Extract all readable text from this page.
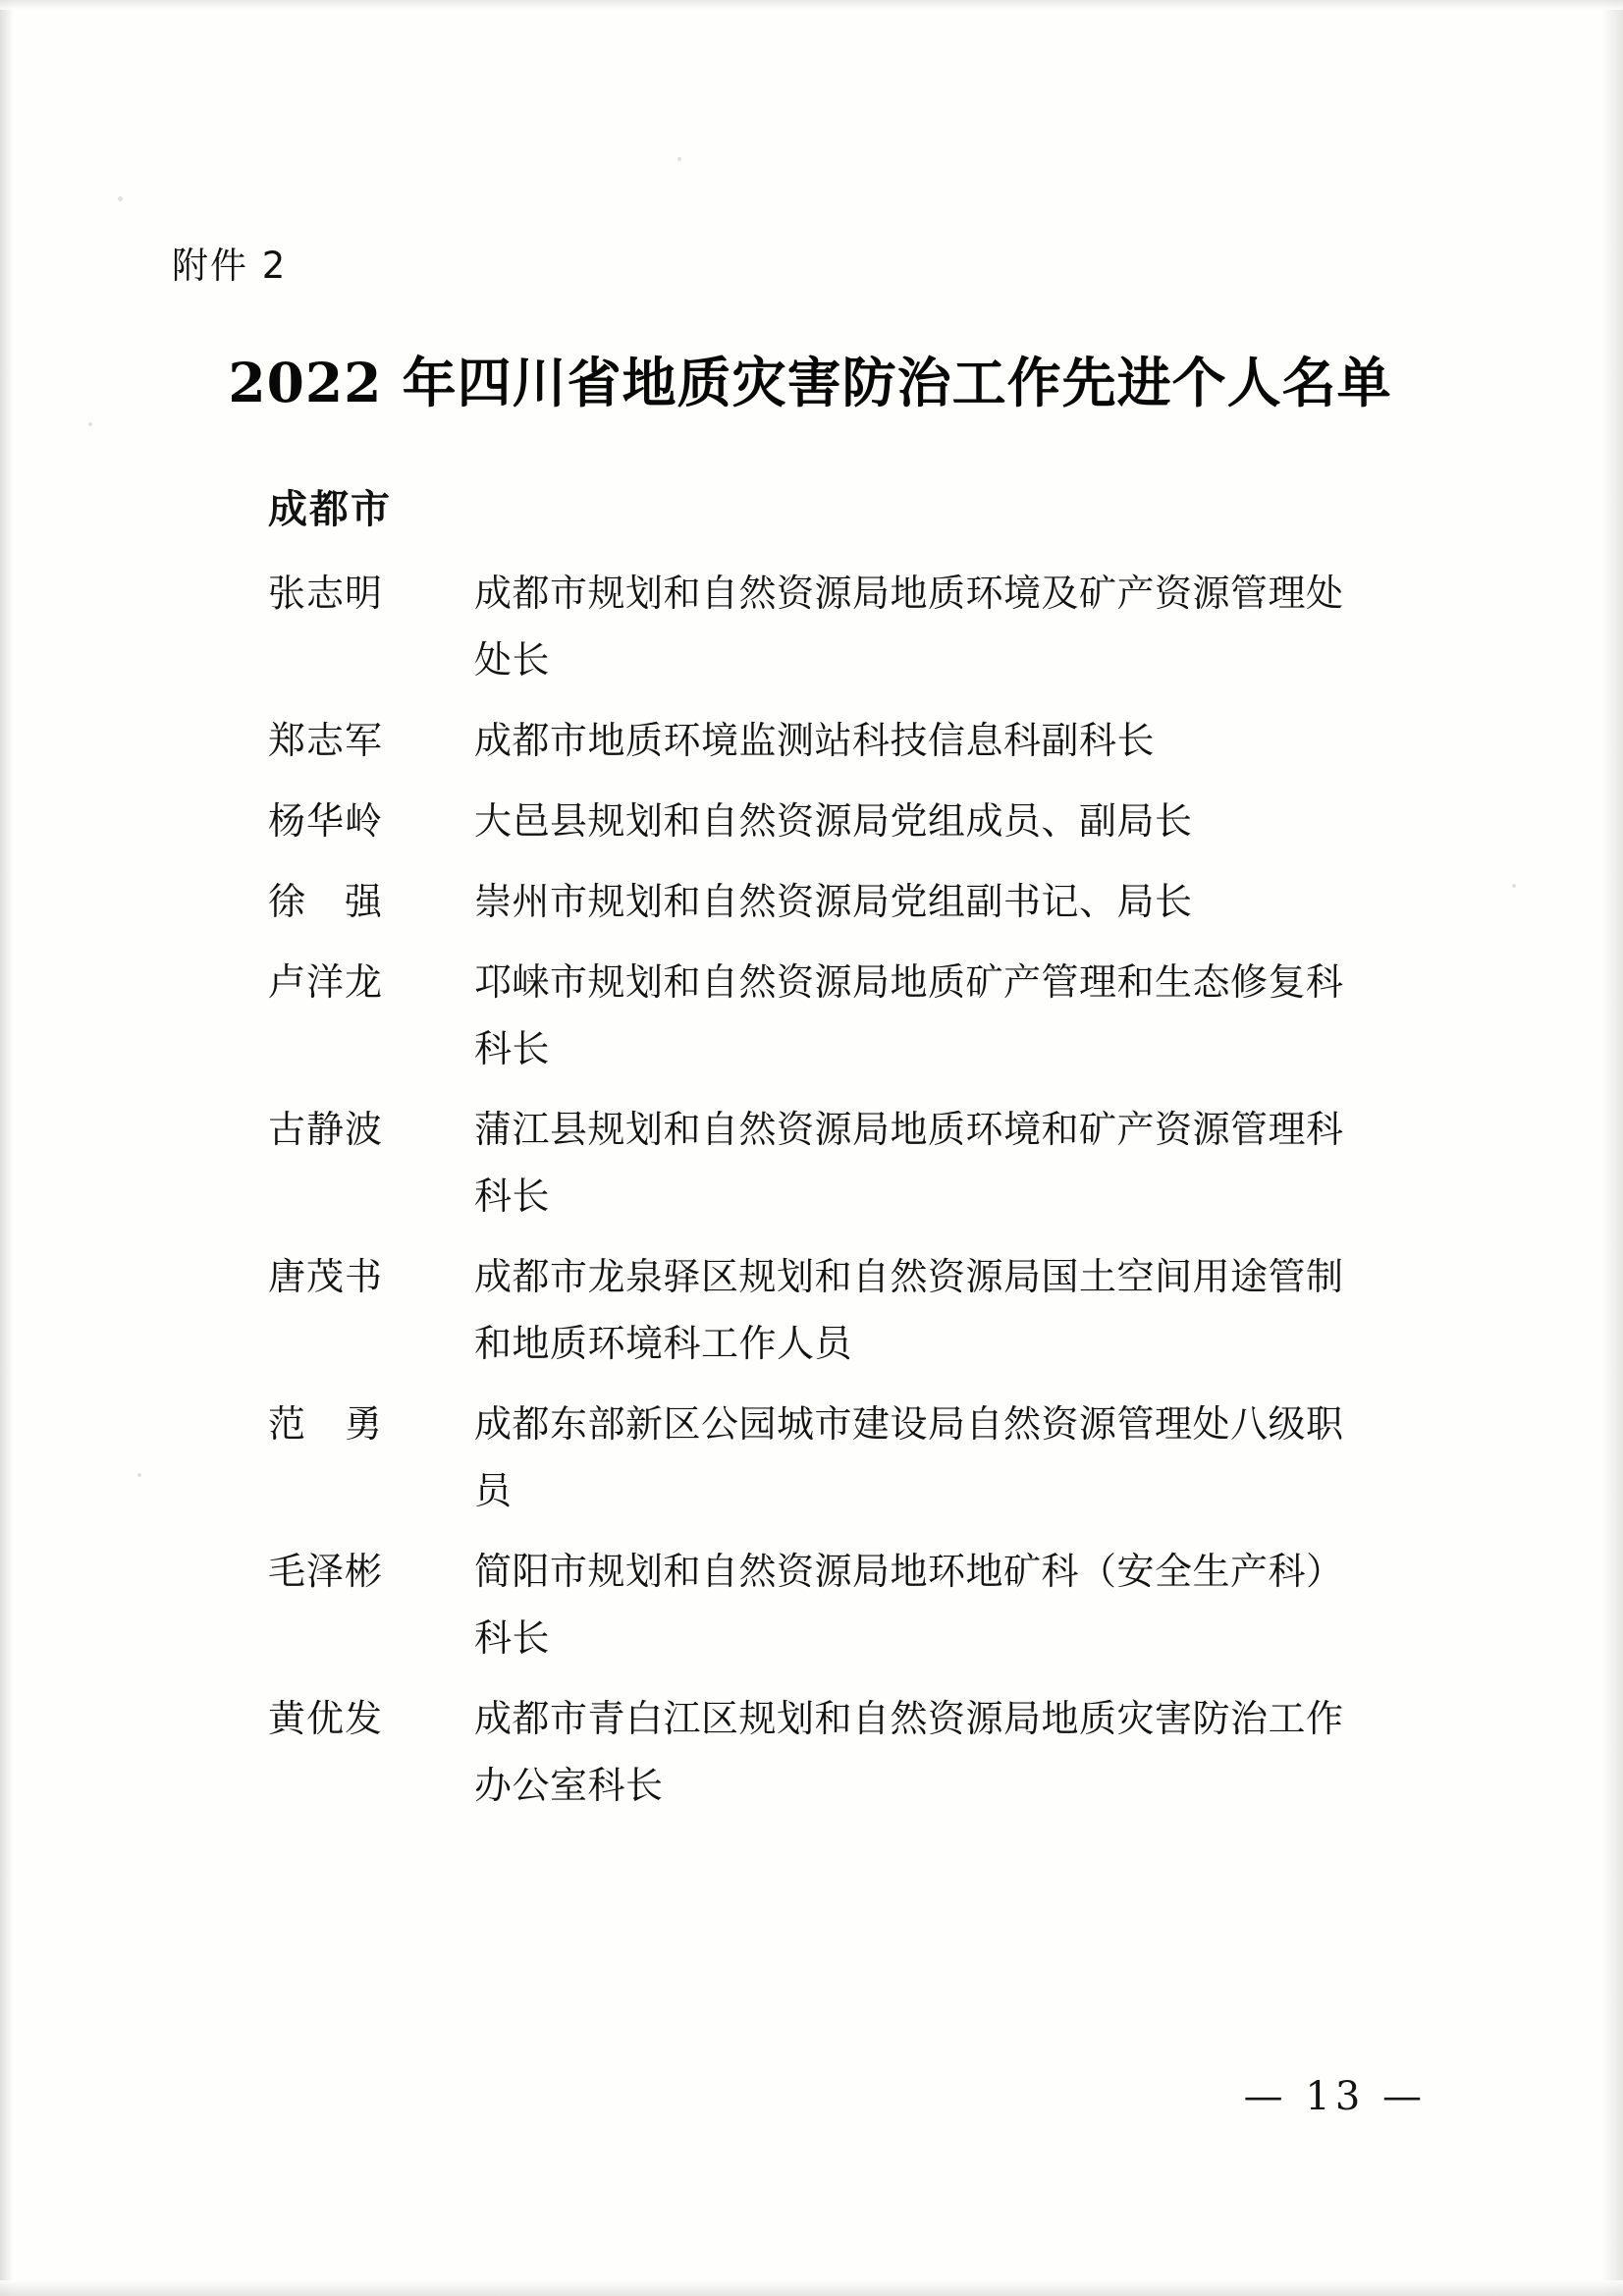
附件 2

2022 年四川省地质灾害防治工作先进个人名单
成都市
张志明	成都市规划和自然资源局地质环境及矿产资源管理处处长
郑志军	成都市地质环境监测站科技信息科副科长
杨华岭	大邑县规划和自然资源局党组成员、副局长
徐　强	崇州市规划和自然资源局党组副书记、局长
卢洋龙	邛崃市规划和自然资源局地质矿产管理和生态修复科科长
古静波	蒲江县规划和自然资源局地质环境和矿产资源管理科科长
唐茂书	成都市龙泉驿区规划和自然资源局国土空间用途管制和地质环境科工作人员
范　勇	成都东部新区公园城市建设局自然资源管理处八级职员
毛泽彬	简阳市规划和自然资源局地环地矿科（安全生产科）科长
黄优发	成都市青白江区规划和自然资源局地质灾害防治工作办公室科长
— 13 —
